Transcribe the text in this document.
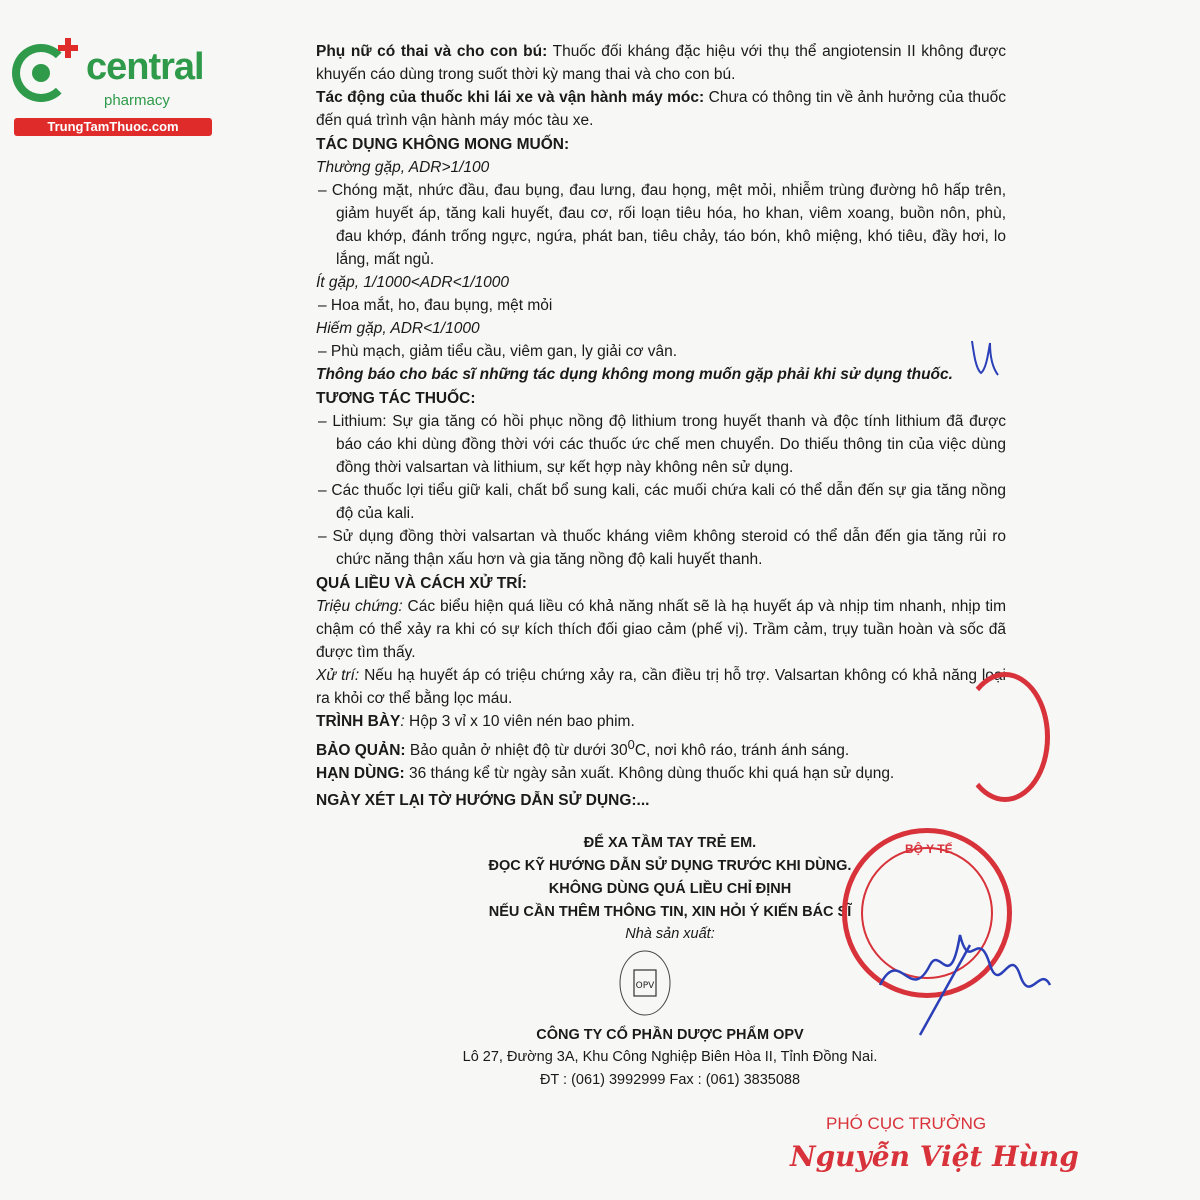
central
pharmacy
TrungTamThuoc.com

Phụ nữ có thai và cho con bú: Thuốc đối kháng đặc hiệu với thụ thể angiotensin II không được khuyến cáo dùng trong suốt thời kỳ mang thai và cho con bú.

Tác động của thuốc khi lái xe và vận hành máy móc: Chưa có thông tin về ảnh hưởng của thuốc đến quá trình vận hành máy móc tàu xe.

TÁC DỤNG KHÔNG MONG MUỐN:

Thường gặp, ADR>1/100

– Chóng mặt, nhức đầu, đau bụng, đau lưng, đau họng, mệt mỏi, nhiễm trùng đường hô hấp trên, giảm huyết áp, tăng kali huyết, đau cơ, rối loạn tiêu hóa, ho khan, viêm xoang, buồn nôn, phù, đau khớp, đánh trống ngực, ngứa, phát ban, tiêu chảy, táo bón, khô miệng, khó tiêu, đầy hơi, lo lắng, mất ngủ.

Ít gặp, 1/1000<ADR<1/1000

– Hoa mắt, ho, đau bụng, mệt mỏi

Hiếm gặp, ADR<1/1000

– Phù mạch, giảm tiểu cầu, viêm gan, ly giải cơ vân.

Thông báo cho bác sĩ những tác dụng không mong muốn gặp phải khi sử dụng thuốc.

TƯƠNG TÁC THUỐC:

– Lithium: Sự gia tăng có hồi phục nồng độ lithium trong huyết thanh và độc tính lithium đã được báo cáo khi dùng đồng thời với các thuốc ức chế men chuyển. Do thiếu thông tin của việc dùng đồng thời valsartan và lithium, sự kết hợp này không nên sử dụng.

– Các thuốc lợi tiểu giữ kali, chất bổ sung kali, các muối chứa kali có thể dẫn đến sự gia tăng nồng độ của kali.

– Sử dụng đồng thời valsartan và thuốc kháng viêm không steroid có thể dẫn đến gia tăng rủi ro chức năng thận xấu hơn và gia tăng nồng độ kali huyết thanh.

QUÁ LIỀU VÀ CÁCH XỬ TRÍ:

Triệu chứng: Các biểu hiện quá liều có khả năng nhất sẽ là hạ huyết áp và nhịp tim nhanh, nhịp tim chậm có thể xảy ra khi có sự kích thích đối giao cảm (phế vị). Trầm cảm, trụy tuần hoàn và sốc đã được tìm thấy.

Xử trí: Nếu hạ huyết áp có triệu chứng xảy ra, cần điều trị hỗ trợ. Valsartan không có khả năng loại ra khỏi cơ thể bằng lọc máu.

TRÌNH BÀY: Hộp 3 vỉ x 10 viên nén bao phim.

BẢO QUẢN: Bảo quản ở nhiệt độ từ dưới $30^0C$, nơi khô ráo, tránh ánh sáng.

HẠN DÙNG: 36 tháng kể từ ngày sản xuất. Không dùng thuốc khi quá hạn sử dụng.

NGÀY XÉT LẠI TỜ HƯỚNG DẪN SỬ DỤNG:...

ĐỂ XA TẦM TAY TRẺ EM.
ĐỌC KỸ HƯỚNG DẪN SỬ DỤNG TRƯỚC KHI DÙNG.
KHÔNG DÙNG QUÁ LIỀU CHỈ ĐỊNH
NẾU CẦN THÊM THÔNG TIN, XIN HỎI Ý KIẾN BÁC SĨ
Nhà sản xuất:
OPV
CÔNG TY CỔ PHẦN DƯỢC PHẨM OPV
Lô 27, Đường 3A, Khu Công Nghiệp Biên Hòa II, Tỉnh Đồng Nai.
ĐT : (061) 3992999 Fax : (061) 3835088
BỘ Y TẾ
PHÓ CỤC TRƯỞNG
Nguyễn Việt Hùng
